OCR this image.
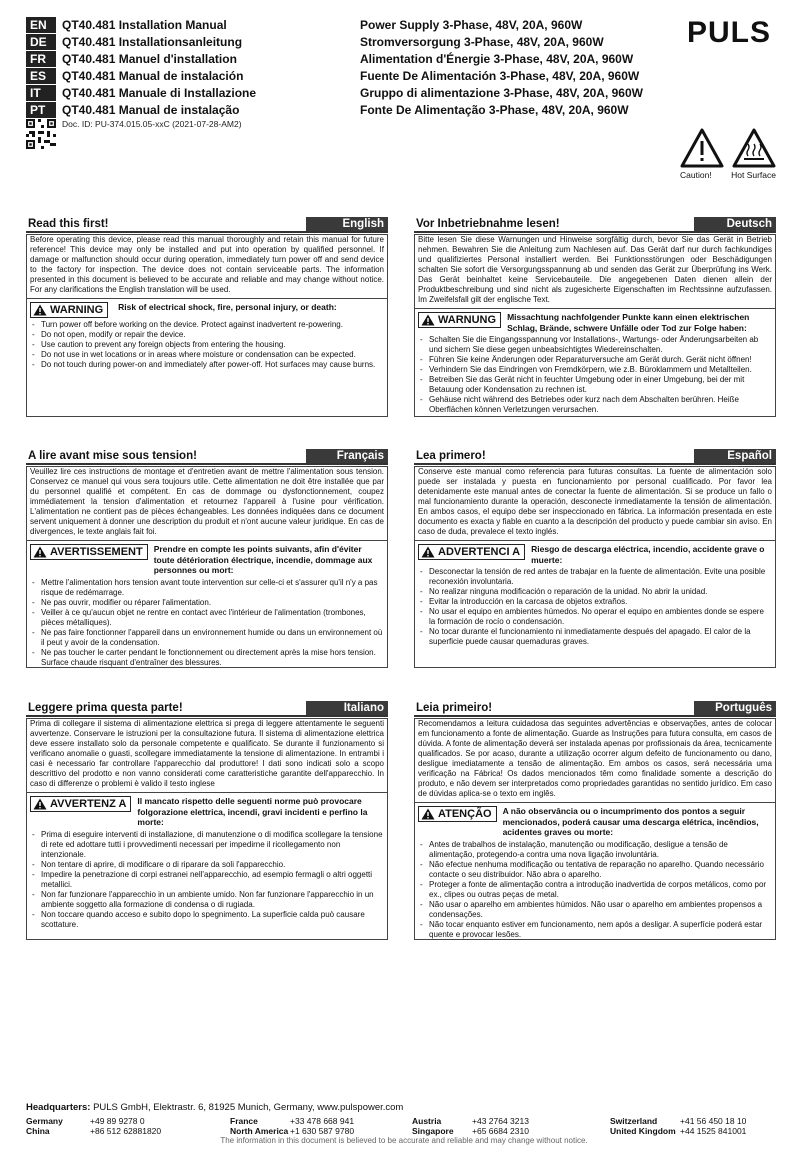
EN	QT40.481 Installation Manual	Power Supply 3-Phase, 48V, 20A, 960W
DE	QT40.481 Installationsanleitung	Stromversorgung 3-Phase, 48V, 20A, 960W
FR	QT40.481 Manuel d'installation	Alimentation d'Énergie 3-Phase, 48V, 20A, 960W
ES	QT40.481 Manual de instalación	Fuente De Alimentación 3-Phase, 48V, 20A, 960W
IT	QT40.481 Manuale di Installazione	Gruppo di alimentazione 3-Phase, 48V, 20A, 960W
PT	QT40.481 Manual de instalação	Fonte De Alimentação 3-Phase, 48V, 20A, 960W
PULS
Doc. ID: PU-374.015.05-xxC (2021-07-28-AM2)
Caution! Hot Surface
Read this first!	English
Before operating this device, please read this manual thoroughly and retain this manual for future reference! This device may only be installed and put into operation by qualified personnel. If damage or malfunction should occur during operation, immediately turn power off and send device to the factory for inspection. The device does not contain serviceable parts. The information presented in this document is believed to be accurate and reliable and may change without notice. For any clarifications the English translation will be used.
WARNING	Risk of electrical shock, fire, personal injury, or death:
- Turn power off before working on the device. Protect against inadvertent re-powering.
- Do not open, modify or repair the device.
- Use caution to prevent any foreign objects from entering the housing.
- Do not use in wet locations or in areas where moisture or condensation can be expected.
- Do not touch during power-on and immediately after power-off. Hot surfaces may cause burns.
Vor Inbetriebnahme lesen!	Deutsch
Bitte lesen Sie diese Warnungen und Hinweise sorgfältig durch, bevor Sie das Gerät in Betrieb nehmen. Bewahren Sie die Anleitung zum Nachlesen auf. Das Gerät darf nur durch fachkundiges und qualifiziertes Personal installiert werden. Bei Funktionsstörungen oder Beschädigungen schalten Sie sofort die Versorgungsspannung ab und senden das Gerät zur Überprüfung ins Werk. Das Gerät beinhaltet keine Servicebauteile. Die angegebenen Daten dienen allein der Produktbeschreibung und sind nicht als zugesicherte Eigenschaften im Rechtssinne aufzufassen. Im Zweifelsfall gilt der englische Text.
WARNUNG	Missachtung nachfolgender Punkte kann einen elektrischen Schlag, Brände, schwere Unfälle oder Tod zur Folge haben:
- Schalten Sie die Eingangsspannung vor Installations-, Wartungs- oder Änderungsarbeiten ab und sichern Sie diese gegen unbeabsichtigtes Wiedereinschalten.
- Führen Sie keine Änderungen oder Reparaturversuche am Gerät durch. Gerät nicht öffnen!
- Verhindern Sie das Eindringen von Fremdkörpern, wie z.B. Büroklammern und Metallteilen.
- Betreiben Sie das Gerät nicht in feuchter Umgebung oder in einer Umgebung, bei der mit Betauung oder Kondensation zu rechnen ist.
- Gehäuse nicht während des Betriebes oder kurz nach dem Abschalten berühren. Heiße Oberflächen können Verletzungen verursachen.
A lire avant mise sous tension!	Français
Veuillez lire ces instructions de montage et d'entretien avant de mettre l'alimentation sous tension. Conservez ce manuel qui vous sera toujours utile. Cette alimentation ne doit être installée que par du personnel qualifié et compétent. En cas de dommage ou dysfonctionnement, coupez immédiatement la tension d'alimentation et retournez l'appareil à l'usine pour vérification. L'alimentation ne contient pas de pièces échangeables. Les données indiquées dans ce document servent uniquement à donner une description du produit et n'ont aucune valeur juridique. En cas de divergences, le texte anglais fait foi.
AVERTISSEMENT	Prendre en compte les points suivants, afin d'éviter toute détérioration électrique, incendie, dommage aux personnes ou mort:
- Mettre l'alimentation hors tension avant toute intervention sur celle-ci et s'assurer qu'il n'y a pas risque de redémarrage.
- Ne pas ouvrir, modifier ou réparer l'alimentation.
- Veiller à ce qu'aucun objet ne rentre en contact avec l'intérieur de l'alimentation (trombones, pièces métalliques).
- Ne pas faire fonctionner l'appareil dans un environnement humide ou dans un environnement où il peut y avoir de la condensation.
- Ne pas toucher le carter pendant le fonctionnement ou directement après la mise hors tension. Surface chaude risquant d'entraîner des blessures.
Lea primero!	Español
Conserve este manual como referencia para futuras consultas. La fuente de alimentación solo puede ser instalada y puesta en funcionamiento por personal cualificado. Por favor lea detenidamente este manual antes de conectar la fuente de alimentación. Si se produce un fallo o mal funcionamiento durante la operación, desconecte inmediatamente la tensión de alimentación. En ambos casos, el equipo debe ser inspeccionado en fábrica. La información presentada en este documento es exacta y fiable en cuanto a la descripción del producto y puede cambiar sin aviso. En caso de duda, prevalece el texto inglés.
ADVERTENCI A	Riesgo de descarga eléctrica, incendio, accidente grave o muerte:
- Desconectar la tensión de red antes de trabajar en la fuente de alimentación. Evite una posible reconexión involuntaria.
- No realizar ninguna modificación o reparación de la unidad. No abrir la unidad.
- Evitar la introducción en la carcasa de objetos extraños.
- No usar el equipo en ambientes húmedos. No operar el equipo en ambientes donde se espere la formación de rocío o condensación.
- No tocar durante el funcionamiento ni inmediatamente después del apagado. El calor de la superficie puede causar quemaduras graves.
Leggere prima questa parte!	Italiano
Prima di collegare il sistema di alimentazione elettrica si prega di leggere attentamente le seguenti avvertenze. Conservare le istruzioni per la consultazione futura. Il sistema di alimentazione elettrica deve essere installato solo da personale competente e qualificato. Se durante il funzionamento si verificano anomalie o guasti, scollegare immediatamente la tensione di alimentazione. In entrambi i casi è necessario far controllare l'apparecchio dal produttore! I dati sono indicati solo a scopo descrittivo del prodotto e non vanno considerati come caratteristiche garantite dell'apparecchio. In caso di differenze o problemi è valido il testo inglese
AVVERTENZ A	Il mancato rispetto delle seguenti norme può provocare folgorazione elettrica, incendi, gravi incidenti e perfino la morte:
- Prima di eseguire interventi di installazione, di manutenzione o di modifica scollegare la tensione di rete ed adottare tutti i provvedimenti necessari per impedirne il ricollegamento non intenzionale.
- Non tentare di aprire, di modificare o di riparare da soli l'apparecchio.
- Impedire la penetrazione di corpi estranei nell'apparecchio, ad esempio fermagli o altri oggetti metallici.
- Non far funzionare l'apparecchio in un ambiente umido. Non far funzionare l'apparecchio in un ambiente soggetto alla formazione di condensa o di rugiada.
- Non toccare quando acceso e subito dopo lo spegnimento. La superficie calda può causare scottature.
Leia primeiro!	Português
Recomendamos a leitura cuidadosa das seguintes advertências e observações, antes de colocar em funcionamento a fonte de alimentação. Guarde as Instruções para futura consulta, em casos de dúvida. A fonte de alimentação deverá ser instalada apenas por profissionais da área, tecnicamente qualificados. Se por acaso, durante a utilização ocorrer algum defeito de funcionamento ou dano, desligue imediatamente a tensão de alimentação. Em ambos os casos, será necessária uma verificação na Fábrica! Os dados mencionados têm como finalidade somente a descrição do produto, e não devem ser interpretados como propriedades garantidas no sentido jurídico. Em caso de dúvidas aplica-se o texto em inglês.
ATENÇÃO	A não observância ou o incumprimento dos pontos a seguir mencionados, poderá causar uma descarga elétrica, incêndios, acidentes graves ou morte:
- Antes de trabalhos de instalação, manutenção ou modificação, desligue a tensão de alimentação, protegendo-a contra uma nova ligação involuntária.
- Não efectue nenhuma modificação ou tentativa de reparação no aparelho. Quando necessário contacte o seu distribuidor. Não abra o aparelho.
- Proteger a fonte de alimentação contra a introdução inadvertida de corpos metálicos, como por ex., clipes ou outras peças de metal.
- Não usar o aparelho em ambientes húmidos. Não usar o aparelho em ambientes propensos a condensações.
- Não tocar enquanto estiver em funcionamento, nem após a desligar. A superfície poderá estar quente e provocar lesões.
Headquarters: PULS GmbH, Elektrastr. 6, 81925 Munich, Germany, www.pulspower.com
Germany	+49 89 9278 0	France	+33 478 668 941	Austria	+43 2764 3213	Switzerland	+41 56 450 18 10
China	+86 512 62881820	North America +1 630 587 9780	Singapore	+65 6684 2310	United Kingdom +44 1525 841001
The information in this document is believed to be accurate and reliable and may change without notice.
